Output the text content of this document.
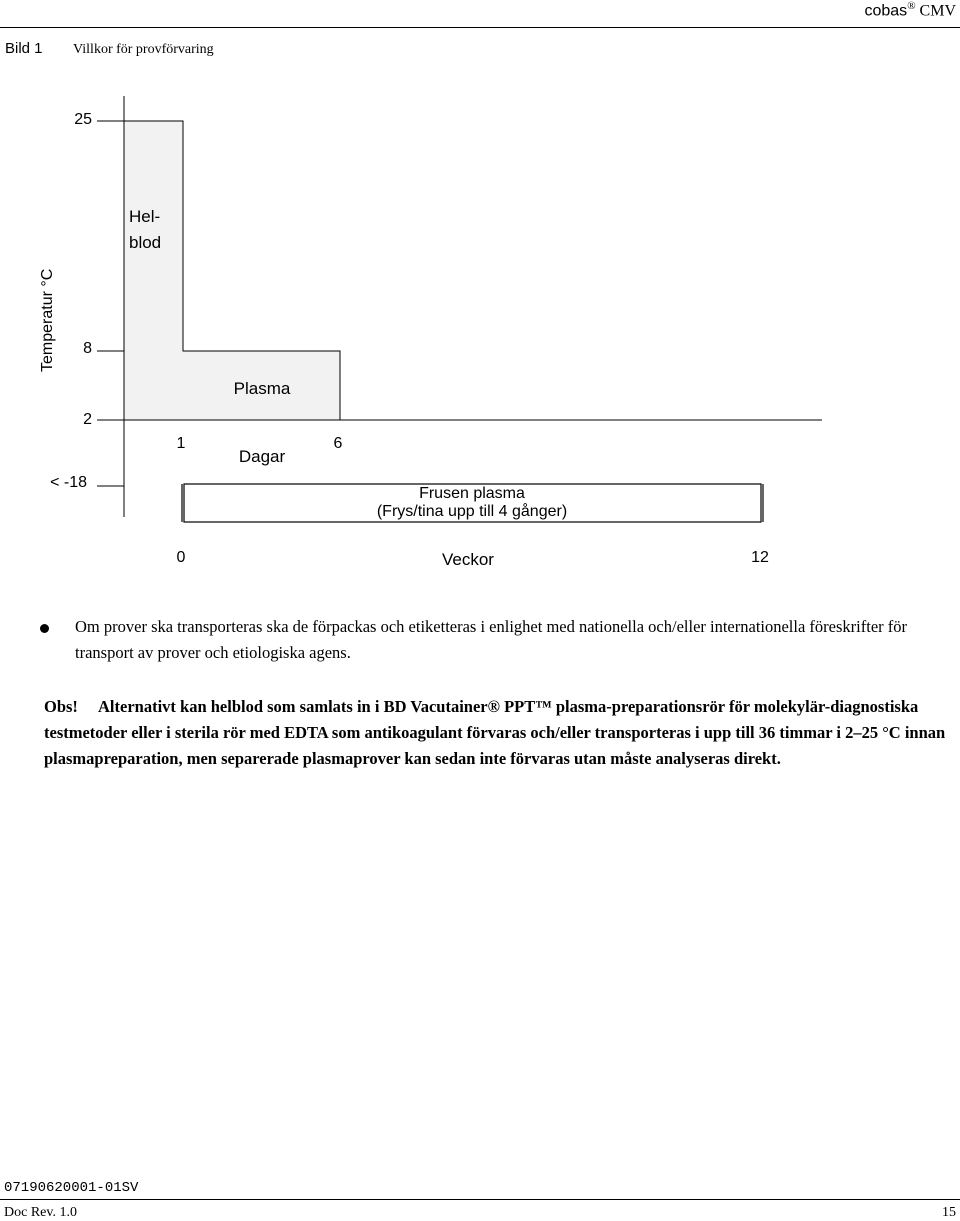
cobas® CMV
Bild 1 Villkor för provförvaring
Temperatur °C
25
8
2
< -18
1	6
Dagar
Hel-
blod
Plasma
Frusen plasma
(Frys/tina upp till 4 gånger)
0	Veckor	12
Om prover ska transporteras ska de förpackas och etiketteras i enlighet med nationella och/eller internationella föreskrifter för transport av prover och etiologiska agens.
Obs! Alternativt kan helblod som samlats in i BD Vacutainer® PPT™ plasma-preparationsrör för molekylär-diagnostiska testmetoder eller i sterila rör med EDTA som antikoagulant förvaras och/eller transporteras i upp till 36 timmar i 2–25 °C innan plasmapreparation, men separerade plasmaprover kan sedan inte förvaras utan måste analyseras direkt.
07190620001-01SV
Doc Rev. 1.0	15
